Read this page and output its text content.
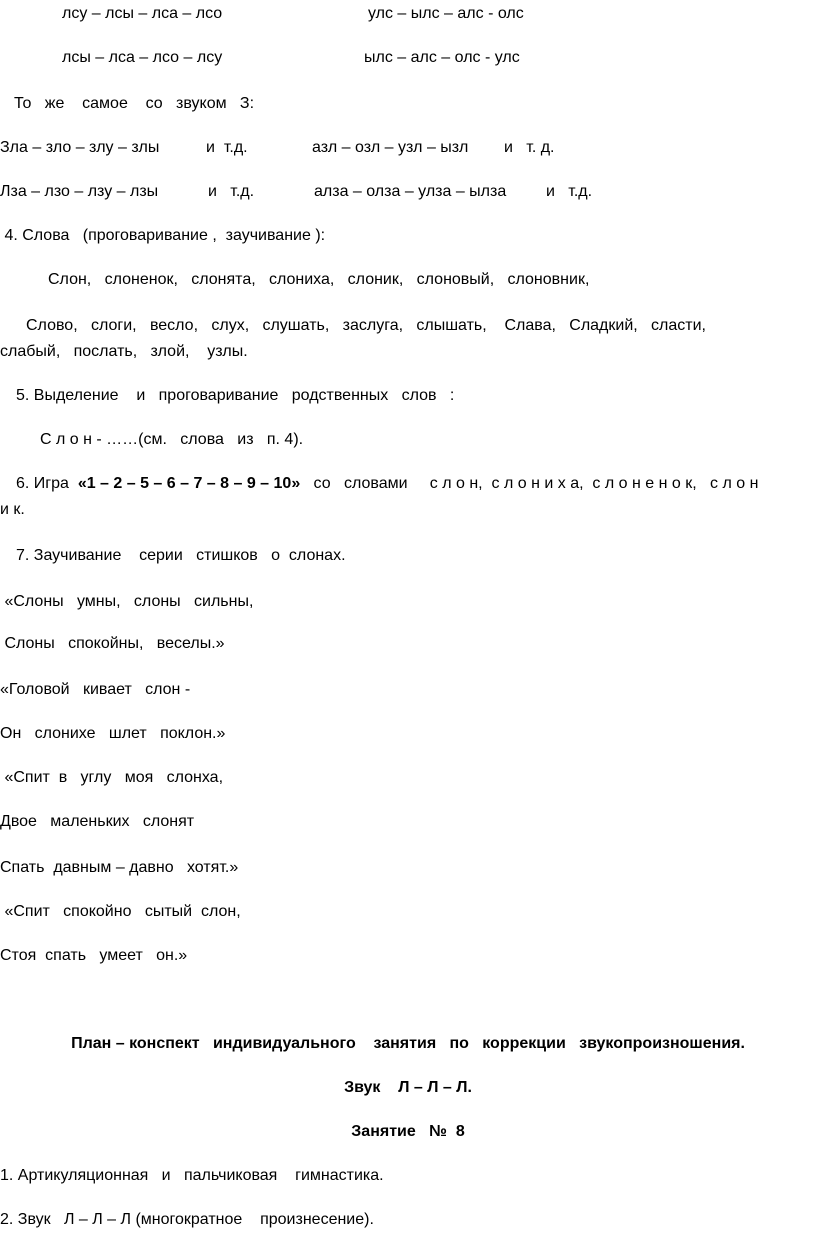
лсу – лсы – лса – лсо	улс – ылс – алс - олс
лсы – лса – лсо – лсу	ылс – алс – олс - улс
То   же    самое    со   звуком   З:
Зла – зло – злу – злы	и  т.д.	азл – озл – узл – ызл и   т. д.
Лза – лзо – лзу – лзы	и   т.д.	алза – олза – улза – ылза и   т.д.
4. Слова   (проговаривание ,  заучивание ):
Слон,   слоненок,   слонята,   слониха,   слоник,   слоновый,   слоновник,
Слово,   слоги,   весло,   слух,   слушать,   заслуга,   слышать,    Слава,   Сладкий,   сласти,
слабый,   послать,   злой,    узлы.
5. Выделение    и   проговаривание   родственных   слов   :
С л о н - ……(см.   слова   из   п. 4).
6. Игра  «1 – 2 – 5 – 6 – 7 – 8 – 9 – 10»   со   словами     с л о н,  с л о н и х а,  с л о н е н о к,   с л о н
и к.
7. Заучивание    серии   стишков   о  слонах.
«Слоны   умны,   слоны   сильны,
Слоны   спокойны,   веселы.»
«Головой   кивает   слон -
Он   слонихе   шлет   поклон.»
«Спит  в   углу   моя   слонха,
Двое   маленьких   слонят
Спать  давным – давно   хотят.»
«Спит   спокойно   сытый  слон,
Стоя  спать   умеет   он.»
План – конспект   индивидуального    занятия   по   коррекции   звукопроизношения.
Звук    Л – Л – Л.
Занятие   №  8
1. Артикуляционная   и   пальчиковая    гимнастика.
2. Звук   Л – Л – Л (многократное    произнесение).
